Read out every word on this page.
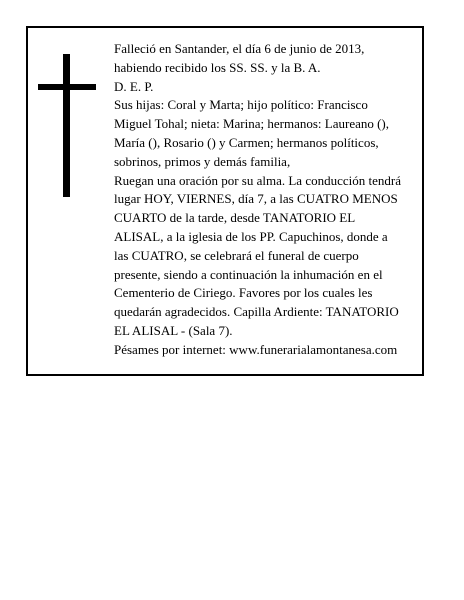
Falleció en Santander, el día 6 de junio de 2013,
habiendo recibido los SS. SS. y la B. A.
D. E. P.
Sus hijas: Coral y Marta; hijo político: Francisco
Miguel Tohal; nieta: Marina; hermanos: Laureano (),
María (), Rosario () y Carmen; hermanos políticos,
sobrinos, primos y demás familia,
Ruegan una oración por su alma. La conducción tendrá
lugar HOY, VIERNES, día 7, a las CUATRO MENOS
CUARTO de la tarde, desde TANATORIO EL
ALISAL, a la iglesia de los PP. Capuchinos, donde a
las CUATRO, se celebrará el funeral de cuerpo
presente, siendo a continuación la inhumación en el
Cementerio de Ciriego. Favores por los cuales les
quedarán agradecidos. Capilla Ardiente: TANATORIO
EL ALISAL - (Sala 7).
Pésames por internet: www.funerarialamontanesa.com
